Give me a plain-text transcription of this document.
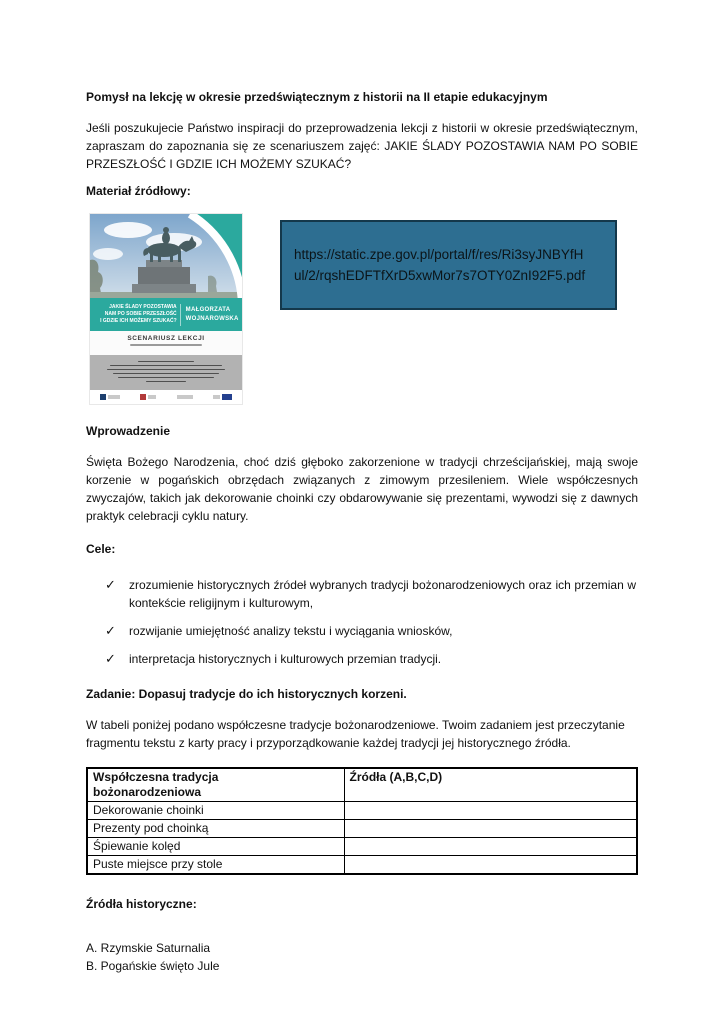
Pomysł na lekcję w okresie przedświątecznym z historii na II etapie edukacyjnym

Jeśli poszukujecie Państwo inspiracji do przeprowadzenia lekcji z historii w okresie przedświątecznym, zapraszam do zapoznania się ze scenariuszem zajęć: JAKIE ŚLADY POZOSTAWIA NAM PO SOBIE PRZESZŁOŚĆ I GDZIE ICH MOŻEMY SZUKAĆ?

Materiał źródłowy:
JAKIE ŚLADY POZOSTAWIA
NAM PO SOBIE PRZESZŁOŚĆ
I GDZIE ICH MOŻEMY SZUKAĆ?
MAŁGORZATA
WOJNAROWSKA
SCENARIUSZ LEKCJI
https://static.zpe.gov.pl/portal/f/res/Ri3syJNBYfH
ul/2/rqshEDFTfXrD5xwMor7s7OTY0ZnI92F5.pdf
Wprowadzenie

Święta Bożego Narodzenia, choć dziś głęboko zakorzenione w tradycji chrześcijańskiej, mają swoje korzenie w pogańskich obrzędach związanych z zimowym przesileniem. Wiele współczesnych zwyczajów, takich jak dekorowanie choinki czy obdarowywanie się prezentami, wywodzi się z dawnych praktyk celebracji cyklu natury.

Cele:
✓	zrozumienie historycznych źródeł wybranych tradycji bożonarodzeniowych oraz ich przemian w kontekście religijnym i kulturowym,
✓	rozwijanie umiejętność analizy tekstu i wyciągania wniosków,
✓	interpretacja historycznych i kulturowych przemian tradycji.
Zadanie: Dopasuj tradycje do ich historycznych korzeni.

W tabeli poniżej podano współczesne tradycje bożonarodzeniowe. Twoim zadaniem jest przeczytanie fragmentu tekstu z karty pracy i przyporządkowanie każdej tradycji jej historycznego źródła.

Współczesna tradycja bożonarodzeniowa	Źródła (A,B,C,D)
Dekorowanie choinki	
Prezenty pod choinką	
Śpiewanie kolęd	
Puste miejsce przy stole	
Źródła historyczne:

A. Rzymskie Saturnalia

B. Pogańskie święto Jule
